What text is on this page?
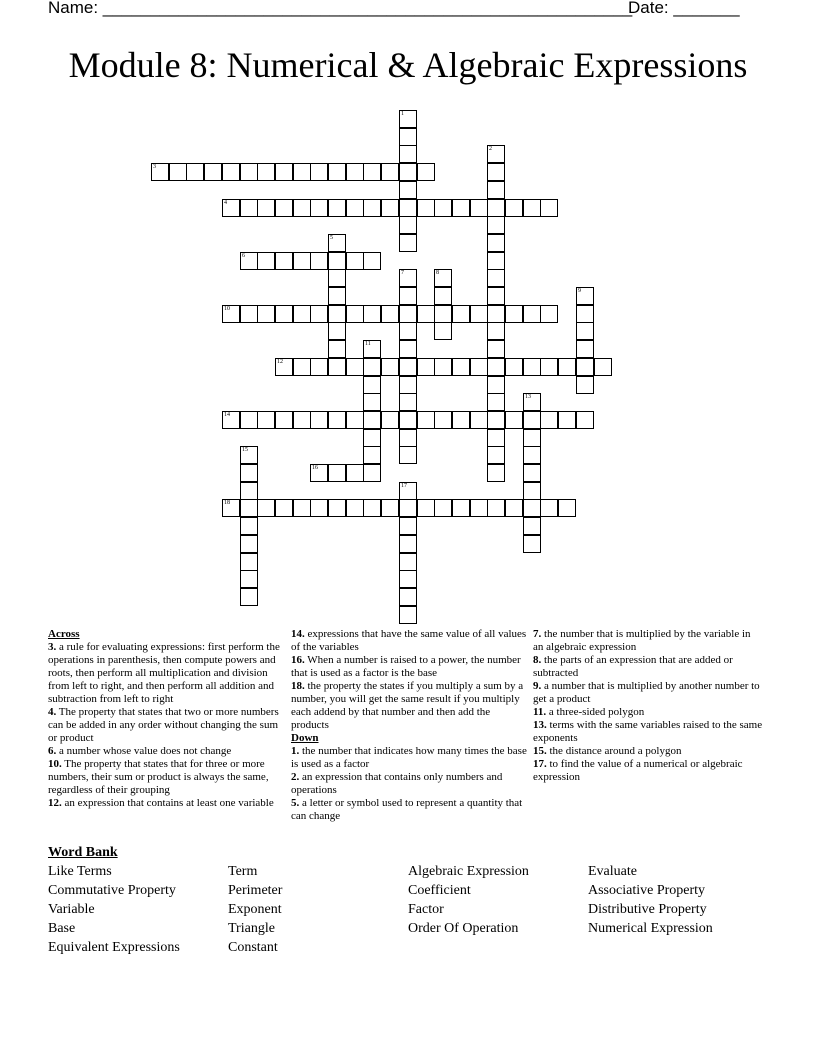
Name: ________________________________________________________
Date: _______
Module 8: Numerical & Algebraic Expressions
1
2
3
4
5
6
7	8
9
10
11
12
13
14
15
16
17
18
Across
3. a rule for evaluating expressions: first perform the operations in parenthesis, then compute powers and roots, then perform all multiplication and division from left to right, and then perform all addition and subtraction from left to right
4. The property that states that two or more numbers can be added in any order without changing the sum or product
6. a number whose value does not change
10. The property that states that for three or more numbers, their sum or product is always the same, regardless of their grouping
12. an expression that contains at least one variable
14. expressions that have the same value of all values of the variables
16. When a number is raised to a power, the number that is used as a factor is the base
18. the property the states if you multiply a sum by a number, you will get the same result if you multiply each addend by that number and then add the products
Down
1. the number that indicates how many times the base is used as a factor
2. an expression that contains only numbers and operations
5. a letter or symbol used to represent a quantity that can change
7. the number that is multiplied by the variable in an algebraic expression
8. the parts of an expression that are added or subtracted
9. a number that is multiplied by another number to get a product
11. a three-sided polygon
13. terms with the same variables raised to the same exponents
15. the distance around a polygon
17. to find the value of a numerical or algebraic expression
Word Bank
Like Terms
Commutative Property
Variable
Base
Equivalent Expressions
Term
Perimeter
Exponent
Triangle
Constant
Algebraic Expression
Coefficient
Factor
Order Of Operation
Evaluate
Associative Property
Distributive Property
Numerical Expression
